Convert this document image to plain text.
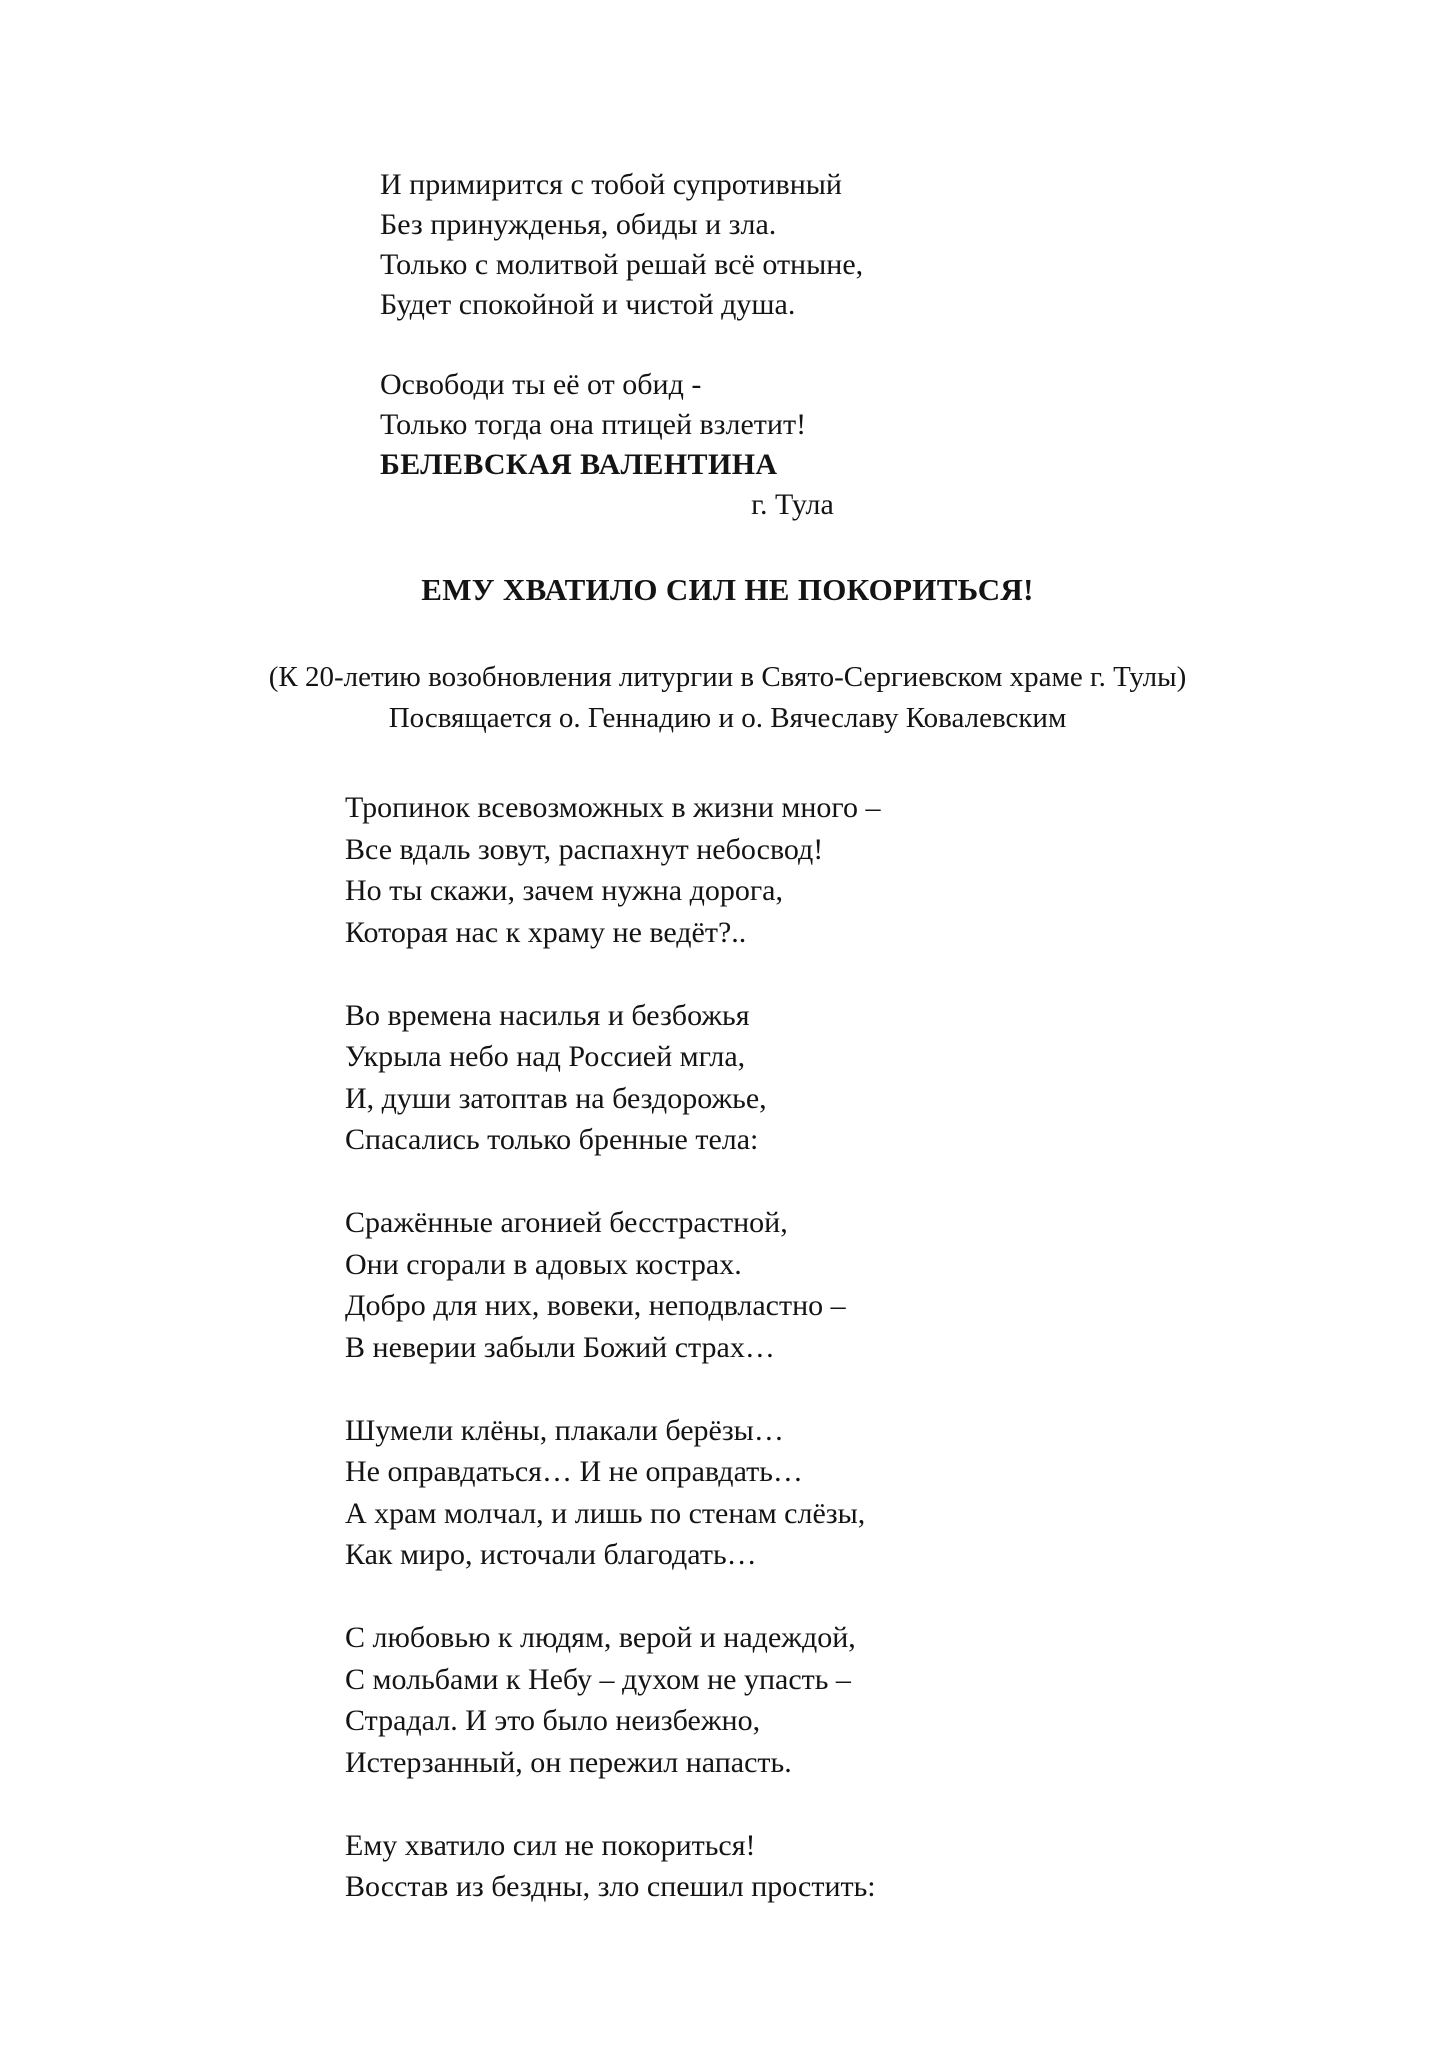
И примирится с тобой супротивный
Без принужденья, обиды и зла.
Только с молитвой решай всё отныне,
Будет спокойной и чистой душа.
Освободи ты её от обид -
Только тогда она птицей взлетит!
БЕЛЕВСКАЯ ВАЛЕНТИНА
г. Тула
ЕМУ ХВАТИЛО СИЛ НЕ ПОКОРИТЬСЯ!
(К 20-летию возобновления литургии в Свято-Сергиевском храме г. Тулы)
Посвящается о. Геннадию и о. Вячеславу Ковалевским
Тропинок всевозможных в жизни много –
Все вдаль зовут, распахнут небосвод!
Но ты скажи, зачем нужна дорога,
Которая нас к храму не ведёт?..
Во времена насилья и безбожья
Укрыла небо над Россией мгла,
И, души затоптав на бездорожье,
Спасались только бренные тела:
Сражённые агонией бесстрастной,
Они сгорали в адовых кострах.
Добро для них, вовеки, неподвластно –
В неверии забыли Божий страх…
Шумели клёны, плакали берёзы…
Не оправдаться… И не оправдать…
А храм молчал, и лишь по стенам слёзы,
Как миро, источали благодать…
С любовью к людям, верой и надеждой,
С мольбами к Небу – духом не упасть –
Страдал. И это было неизбежно,
Истерзанный, он пережил напасть.
Ему хватило сил не покориться!
Восстав из бездны, зло спешил простить:
